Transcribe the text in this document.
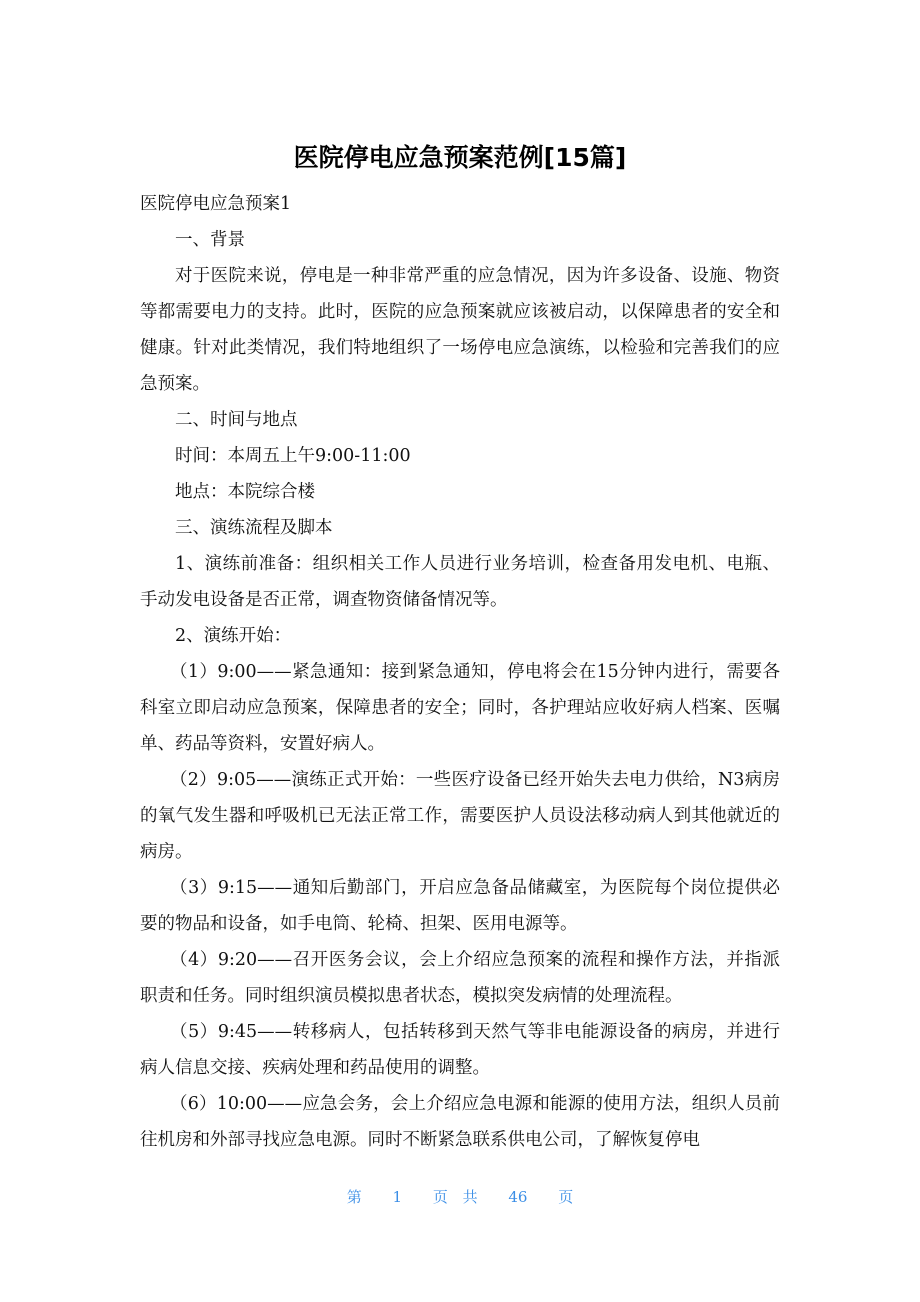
医院停电应急预案范例[15篇]

医院停电应急预案1

一、背景

对于医院来说，停电是一种非常严重的应急情况，因为许多设备、设施、物资等都需要电力的支持。此时，医院的应急预案就应该被启动，以保障患者的安全和健康。针对此类情况，我们特地组织了一场停电应急演练，以检验和完善我们的应急预案。

二、时间与地点

时间：本周五上午9:00-11:00

地点：本院综合楼

三、演练流程及脚本

1、演练前准备：组织相关工作人员进行业务培训，检查备用发电机、电瓶、手动发电设备是否正常，调查物资储备情况等。

2、演练开始：

（1）9:00——紧急通知：接到紧急通知，停电将会在15分钟内进行，需要各科室立即启动应急预案，保障患者的安全；同时，各护理站应收好病人档案、医嘱单、药品等资料，安置好病人。

（2）9:05——演练正式开始：一些医疗设备已经开始失去电力供给，N3病房的氧气发生器和呼吸机已无法正常工作，需要医护人员设法移动病人到其他就近的病房。

（3）9:15——通知后勤部门，开启应急备品储藏室，为医院每个岗位提供必要的物品和设备，如手电筒、轮椅、担架、医用电源等。

（4）9:20——召开医务会议，会上介绍应急预案的流程和操作方法，并指派职责和任务。同时组织演员模拟患者状态，模拟突发病情的处理流程。

（5）9:45——转移病人，包括转移到天然气等非电能源设备的病房，并进行病人信息交接、疾病处理和药品使用的调整。

（6）10:00——应急会务，会上介绍应急电源和能源的使用方法，组织人员前往机房和外部寻找应急电源。同时不断紧急联系供电公司，了解恢复停电

第 1 页 共 46 页
